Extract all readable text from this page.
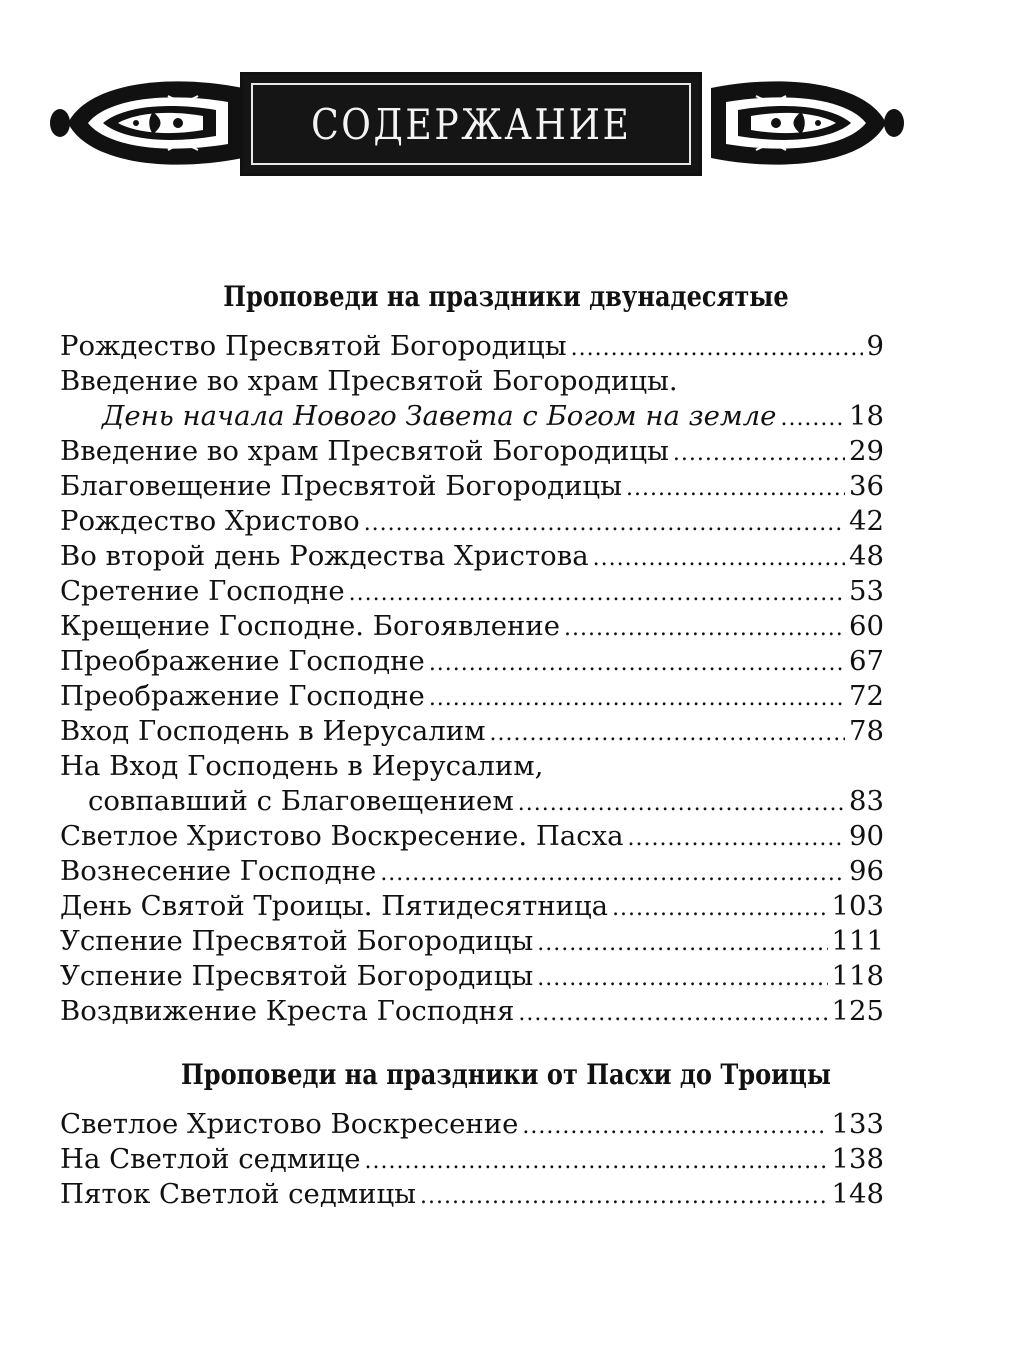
СОДЕРЖАНИЕ
Проповеди на праздники двунадесятые
Рождество Пресвятой Богородицы .....	9
Введение во храм Пресвятой Богородицы.
День начала Нового Завета с Богом на земле .....	18
Введение во храм Пресвятой Богородицы .....	29
Благовещение Пресвятой Богородицы .....	36
Рождество Христово .....	42
Во второй день Рождества Христова .....	48
Сретение Господне .....	53
Крещение Господне. Богоявление .....	60
Преображение Господне .....	67
Преображение Господне .....	72
Вход Господень в Иерусалим .....	78
На Вход Господень в Иерусалим,
совпавший с Благовещением .....	83
Светлое Христово Воскресение. Пасха .....	90
Вознесение Господне .....	96
День Святой Троицы. Пятидесятница .....	103
Успение Пресвятой Богородицы .....	111
Успение Пресвятой Богородицы .....	118
Воздвижение Креста Господня .....	125
Проповеди на праздники от Пасхи до Троицы
Светлое Христово Воскресение .....	133
На Светлой седмице .....	138
Пяток Светлой седмицы .....	148
